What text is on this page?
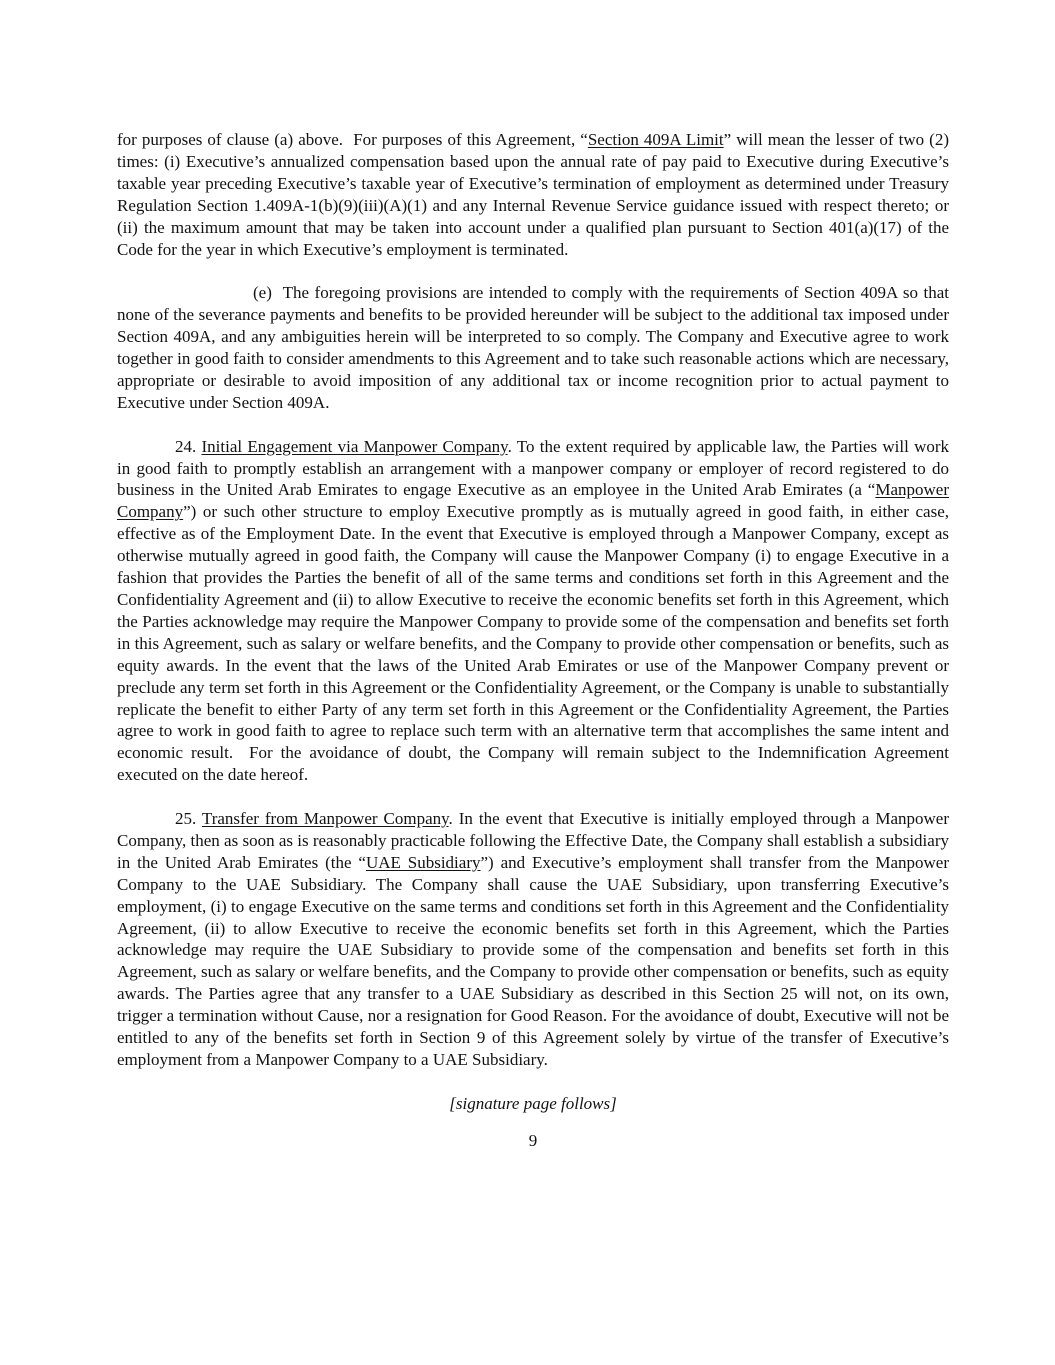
for purposes of clause (a) above.  For purposes of this Agreement, “Section 409A Limit” will mean the lesser of two (2) times: (i) Executive’s annualized compensation based upon the annual rate of pay paid to Executive during Executive’s taxable year preceding Executive’s taxable year of Executive’s termination of employment as determined under Treasury Regulation Section 1.409A-1(b)(9)(iii)(A)(1) and any Internal Revenue Service guidance issued with respect thereto; or (ii) the maximum amount that may be taken into account under a qualified plan pursuant to Section 401(a)(17) of the Code for the year in which Executive’s employment is terminated.

(e)  The foregoing provisions are intended to comply with the requirements of Section 409A so that none of the severance payments and benefits to be provided hereunder will be subject to the additional tax imposed under Section 409A, and any ambiguities herein will be interpreted to so comply. The Company and Executive agree to work together in good faith to consider amendments to this Agreement and to take such reasonable actions which are necessary, appropriate or desirable to avoid imposition of any additional tax or income recognition prior to actual payment to Executive under Section 409A.

24. Initial Engagement via Manpower Company. To the extent required by applicable law, the Parties will work in good faith to promptly establish an arrangement with a manpower company or employer of record registered to do business in the United Arab Emirates to engage Executive as an employee in the United Arab Emirates (a “Manpower Company”) or such other structure to employ Executive promptly as is mutually agreed in good faith, in either case, effective as of the Employment Date. In the event that Executive is employed through a Manpower Company, except as otherwise mutually agreed in good faith, the Company will cause the Manpower Company (i) to engage Executive in a fashion that provides the Parties the benefit of all of the same terms and conditions set forth in this Agreement and the Confidentiality Agreement and (ii) to allow Executive to receive the economic benefits set forth in this Agreement, which the Parties acknowledge may require the Manpower Company to provide some of the compensation and benefits set forth in this Agreement, such as salary or welfare benefits, and the Company to provide other compensation or benefits, such as equity awards. In the event that the laws of the United Arab Emirates or use of the Manpower Company prevent or preclude any term set forth in this Agreement or the Confidentiality Agreement, or the Company is unable to substantially replicate the benefit to either Party of any term set forth in this Agreement or the Confidentiality Agreement, the Parties agree to work in good faith to agree to replace such term with an alternative term that accomplishes the same intent and economic result.  For the avoidance of doubt, the Company will remain subject to the Indemnification Agreement executed on the date hereof.

25. Transfer from Manpower Company. In the event that Executive is initially employed through a Manpower Company, then as soon as is reasonably practicable following the Effective Date, the Company shall establish a subsidiary in the United Arab Emirates (the “UAE Subsidiary”) and Executive’s employment shall transfer from the Manpower Company to the UAE Subsidiary. The Company shall cause the UAE Subsidiary, upon transferring Executive’s employment, (i) to engage Executive on the same terms and conditions set forth in this Agreement and the Confidentiality Agreement, (ii) to allow Executive to receive the economic benefits set forth in this Agreement, which the Parties acknowledge may require the UAE Subsidiary to provide some of the compensation and benefits set forth in this Agreement, such as salary or welfare benefits, and the Company to provide other compensation or benefits, such as equity awards. The Parties agree that any transfer to a UAE Subsidiary as described in this Section 25 will not, on its own, trigger a termination without Cause, nor a resignation for Good Reason. For the avoidance of doubt, Executive will not be entitled to any of the benefits set forth in Section 9 of this Agreement solely by virtue of the transfer of Executive’s employment from a Manpower Company to a UAE Subsidiary.

[signature page follows]
9
